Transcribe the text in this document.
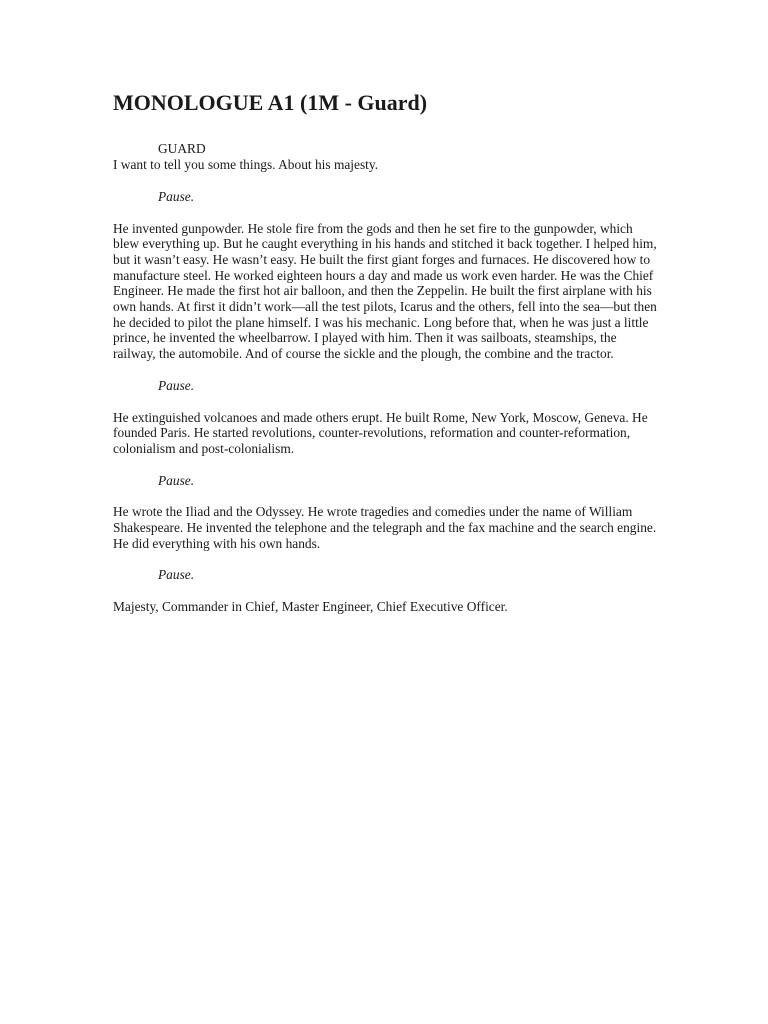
MONOLOGUE A1 (1M - Guard)
GUARD

I want to tell you some things. About his majesty.

Pause.

He invented gunpowder. He stole fire from the gods and then he set fire to the gunpowder, which blew everything up. But he caught everything in his hands and stitched it back together. I helped him, but it wasn’t easy. He wasn’t easy. He built the first giant forges and furnaces. He discovered how to manufacture steel. He worked eighteen hours a day and made us work even harder. He was the Chief Engineer. He made the first hot air balloon, and then the Zeppelin. He built the first airplane with his own hands. At first it didn’t work—all the test pilots, Icarus and the others, fell into the sea—but then he decided to pilot the plane himself. I was his mechanic. Long before that, when he was just a little prince, he invented the wheelbarrow. I played with him. Then it was sailboats, steamships, the railway, the automobile. And of course the sickle and the plough, the combine and the tractor.

Pause.

He extinguished volcanoes and made others erupt. He built Rome, New York, Moscow, Geneva. He founded Paris. He started revolutions, counter-revolutions, reformation and counter-reformation, colonialism and post-colonialism.

Pause.

He wrote the Iliad and the Odyssey. He wrote tragedies and comedies under the name of William Shakespeare. He invented the telephone and the telegraph and the fax machine and the search engine. He did everything with his own hands.

Pause.

Majesty, Commander in Chief, Master Engineer, Chief Executive Officer.
